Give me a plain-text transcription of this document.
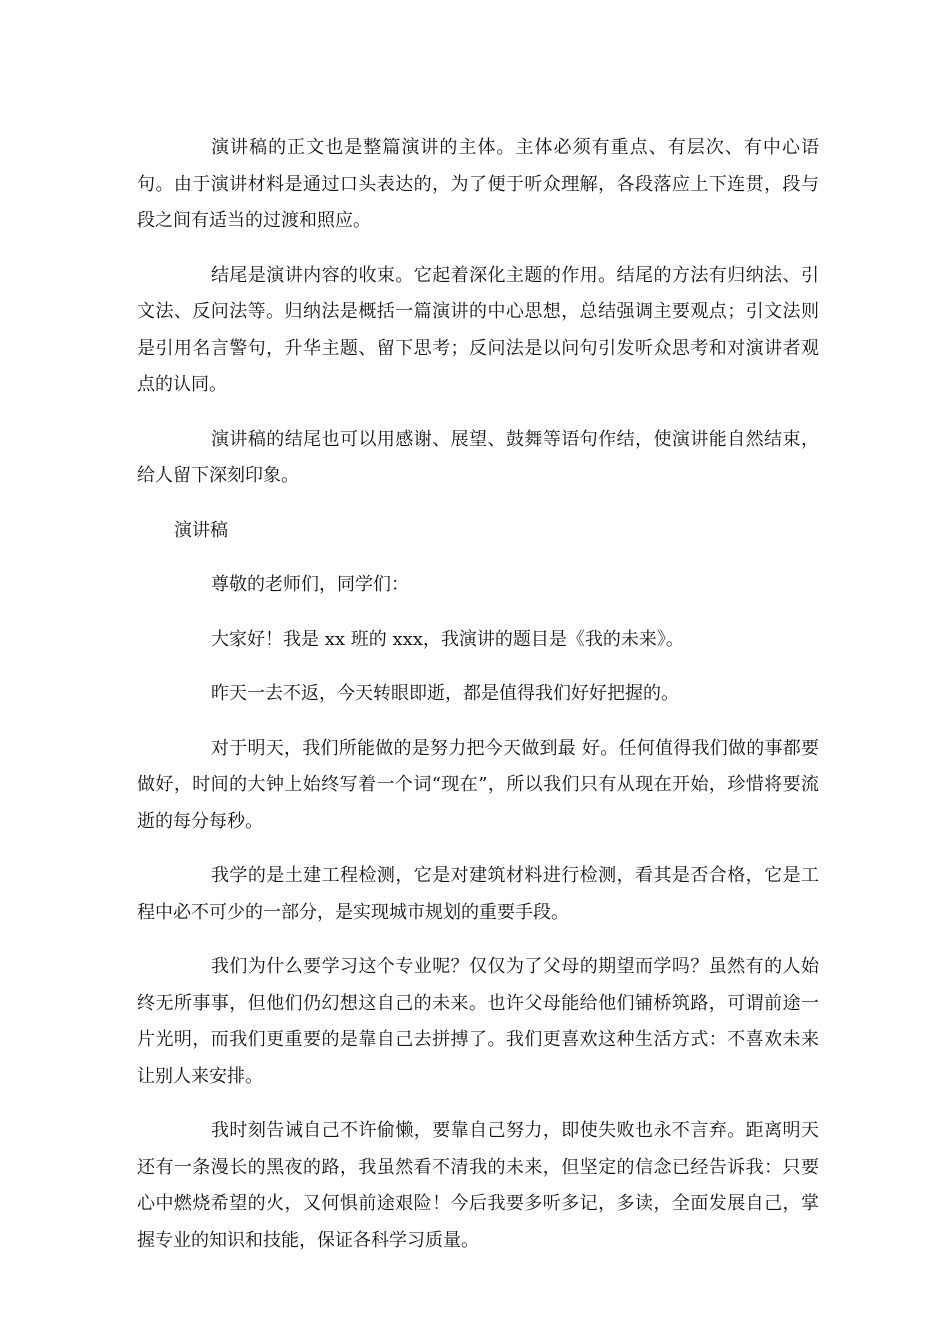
演讲稿的正文也是整篇演讲的主体。主体必须有重点、有层次、有中心语句。由于演讲材料是通过口头表达的，为了便于听众理解，各段落应上下连贯，段与段之间有适当的过渡和照应。

结尾是演讲内容的收束。它起着深化主题的作用。结尾的方法有归纳法、引文法、反问法等。归纳法是概括一篇演讲的中心思想，总结强调主要观点；引文法则是引用名言警句，升华主题、留下思考；反问法是以问句引发听众思考和对演讲者观点的认同。

演讲稿的结尾也可以用感谢、展望、鼓舞等语句作结，使演讲能自然结束，给人留下深刻印象。

演讲稿

尊敬的老师们，同学们：

大家好！我是 xx 班的 xxx，我演讲的题目是《我的未来》。

昨天一去不返，今天转眼即逝，都是值得我们好好把握的。

对于明天，我们所能做的是努力把今天做到最 好。任何值得我们做的事都要做好，时间的大钟上始终写着一个词“现在”，所以我们只有从现在开始，珍惜将要流逝的每分每秒。

我学的是土建工程检测，它是对建筑材料进行检测，看其是否合格，它是工程中必不可少的一部分，是实现城市规划的重要手段。

我们为什么要学习这个专业呢？仅仅为了父母的期望而学吗？虽然有的人始终无所事事，但他们仍幻想这自己的未来。也许父母能给他们铺桥筑路，可谓前途一片光明，而我们更重要的是靠自己去拼搏了。我们更喜欢这种生活方式：不喜欢未来让别人来安排。

我时刻告诫自己不许偷懒，要靠自己努力，即使失败也永不言弃。距离明天还有一条漫长的黑夜的路，我虽然看不清我的未来，但坚定的信念已经告诉我：只要心中燃烧希望的火，又何惧前途艰险！今后我要多听多记，多读，全面发展自己，掌握专业的知识和技能，保证各科学习质量。
